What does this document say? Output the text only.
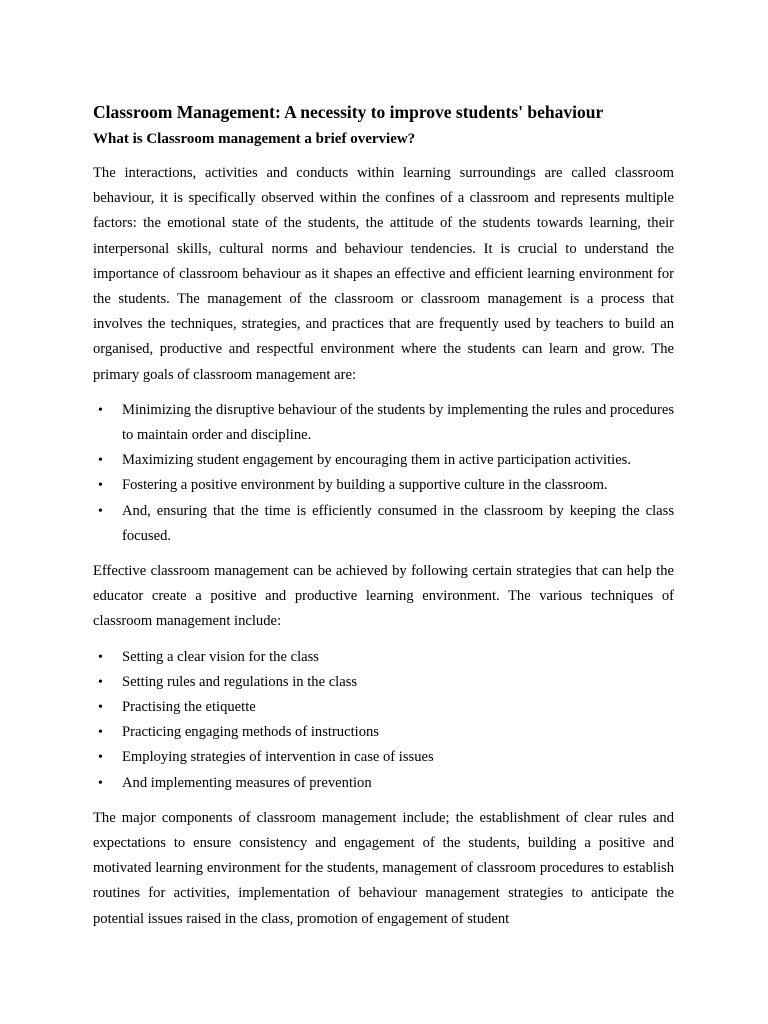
Classroom Management: A necessity to improve students' behaviour
What is Classroom management a brief overview?

The interactions, activities and conducts within learning surroundings are called classroom behaviour, it is specifically observed within the confines of a classroom and represents multiple factors: the emotional state of the students, the attitude of the students towards learning, their interpersonal skills, cultural norms and behaviour tendencies. It is crucial to understand the importance of classroom behaviour as it shapes an effective and efficient learning environment for the students. The management of the classroom or classroom management is a process that involves the techniques, strategies, and practices that are frequently used by teachers to build an organised, productive and respectful environment where the students can learn and grow. The primary goals of classroom management are:

• Minimizing the disruptive behaviour of the students by implementing the rules and procedures to maintain order and discipline.
• Maximizing student engagement by encouraging them in active participation activities.
• Fostering a positive environment by building a supportive culture in the classroom.
• And, ensuring that the time is efficiently consumed in the classroom by keeping the class focused.

Effective classroom management can be achieved by following certain strategies that can help the educator create a positive and productive learning environment. The various techniques of classroom management include:

• Setting a clear vision for the class
• Setting rules and regulations in the class
• Practising the etiquette
• Practicing engaging methods of instructions
• Employing strategies of intervention in case of issues
• And implementing measures of prevention

The major components of classroom management include; the establishment of clear rules and expectations to ensure consistency and engagement of the students, building a positive and motivated learning environment for the students, management of classroom procedures to establish routines for activities, implementation of behaviour management strategies to anticipate the potential issues raised in the class, promotion of engagement of student
